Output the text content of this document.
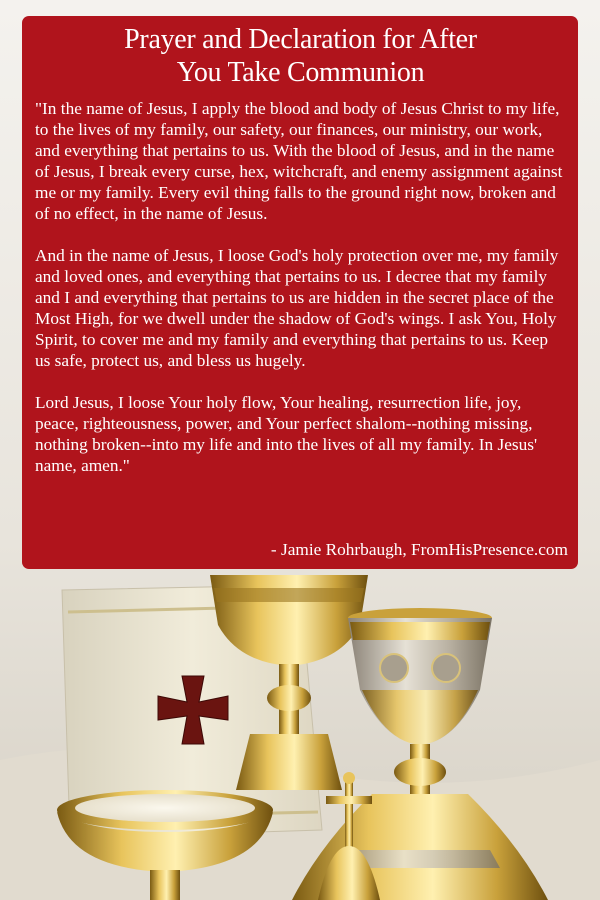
Prayer and Declaration for After
You Take Communion

"In the name of Jesus, I apply the blood and body of Jesus Christ to my life, to the lives of my family, our safety, our finances, our ministry, our work, and everything that pertains to us. With the blood of Jesus, and in the name of Jesus, I break every curse, hex, witchcraft, and enemy assignment against me or my family. Every evil thing falls to the ground right now, broken and of no effect, in the name of Jesus.

And in the name of Jesus, I loose God's holy protection over me, my family and loved ones, and everything that pertains to us. I decree that my family and I and everything that pertains to us are hidden in the secret place of the Most High, for we dwell under the shadow of God's wings. I ask You, Holy Spirit, to cover me and my family and everything that pertains to us. Keep us safe, protect us, and bless us hugely.

Lord Jesus, I loose Your holy flow, Your healing, resurrection life, joy, peace, righteousness, power, and Your perfect shalom--nothing missing, nothing broken--into my life and into the lives of all my family. In Jesus' name, amen."

- Jamie Rohrbaugh, FromHisPresence.com
